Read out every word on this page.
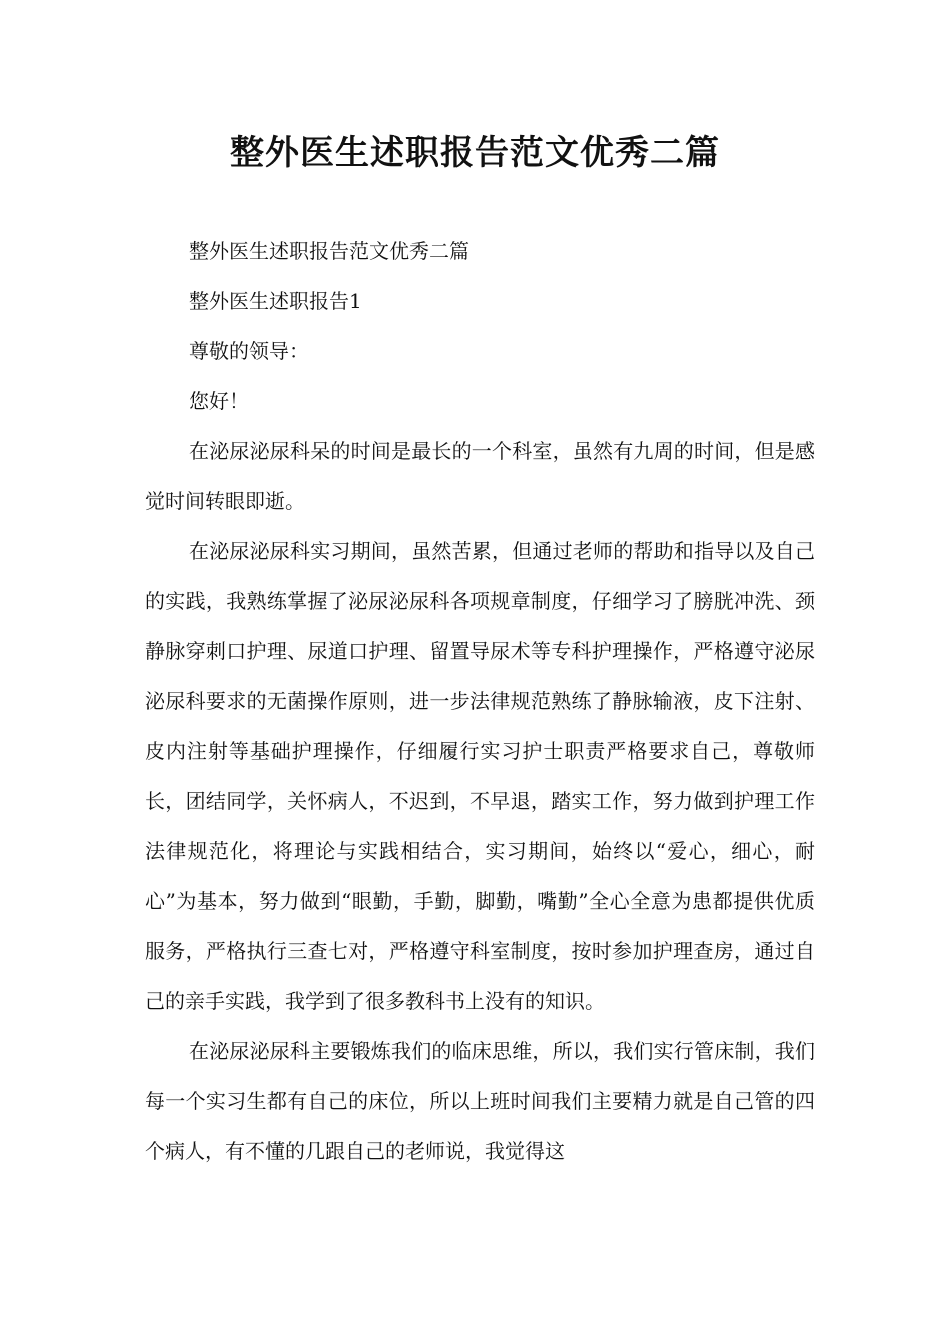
整外医生述职报告范文优秀二篇

整外医生述职报告范文优秀二篇

整外医生述职报告1

尊敬的领导：

您好！

在泌尿泌尿科呆的时间是最长的一个科室，虽然有九周的时间，但是感觉时间转眼即逝。

在泌尿泌尿科实习期间，虽然苦累，但通过老师的帮助和指导以及自己的实践，我熟练掌握了泌尿泌尿科各项规章制度，仔细学习了膀胱冲洗、颈静脉穿刺口护理、尿道口护理、留置导尿术等专科护理操作，严格遵守泌尿泌尿科要求的无菌操作原则，进一步法律规范熟练了静脉输液，皮下注射、皮内注射等基础护理操作，仔细履行实习护士职责严格要求自己，尊敬师长，团结同学，关怀病人，不迟到，不早退，踏实工作，努力做到护理工作法律规范化，将理论与实践相结合，实习期间，始终以“爱心，细心，耐心”为基本，努力做到“眼勤，手勤，脚勤，嘴勤”全心全意为患都提供优质服务，严格执行三查七对，严格遵守科室制度，按时参加护理查房，通过自己的亲手实践，我学到了很多教科书上没有的知识。

在泌尿泌尿科主要锻炼我们的临床思维，所以，我们实行管床制，我们每一个实习生都有自己的床位，所以上班时间我们主要精力就是自己管的四个病人，有不懂的几跟自己的老师说，我觉得这
